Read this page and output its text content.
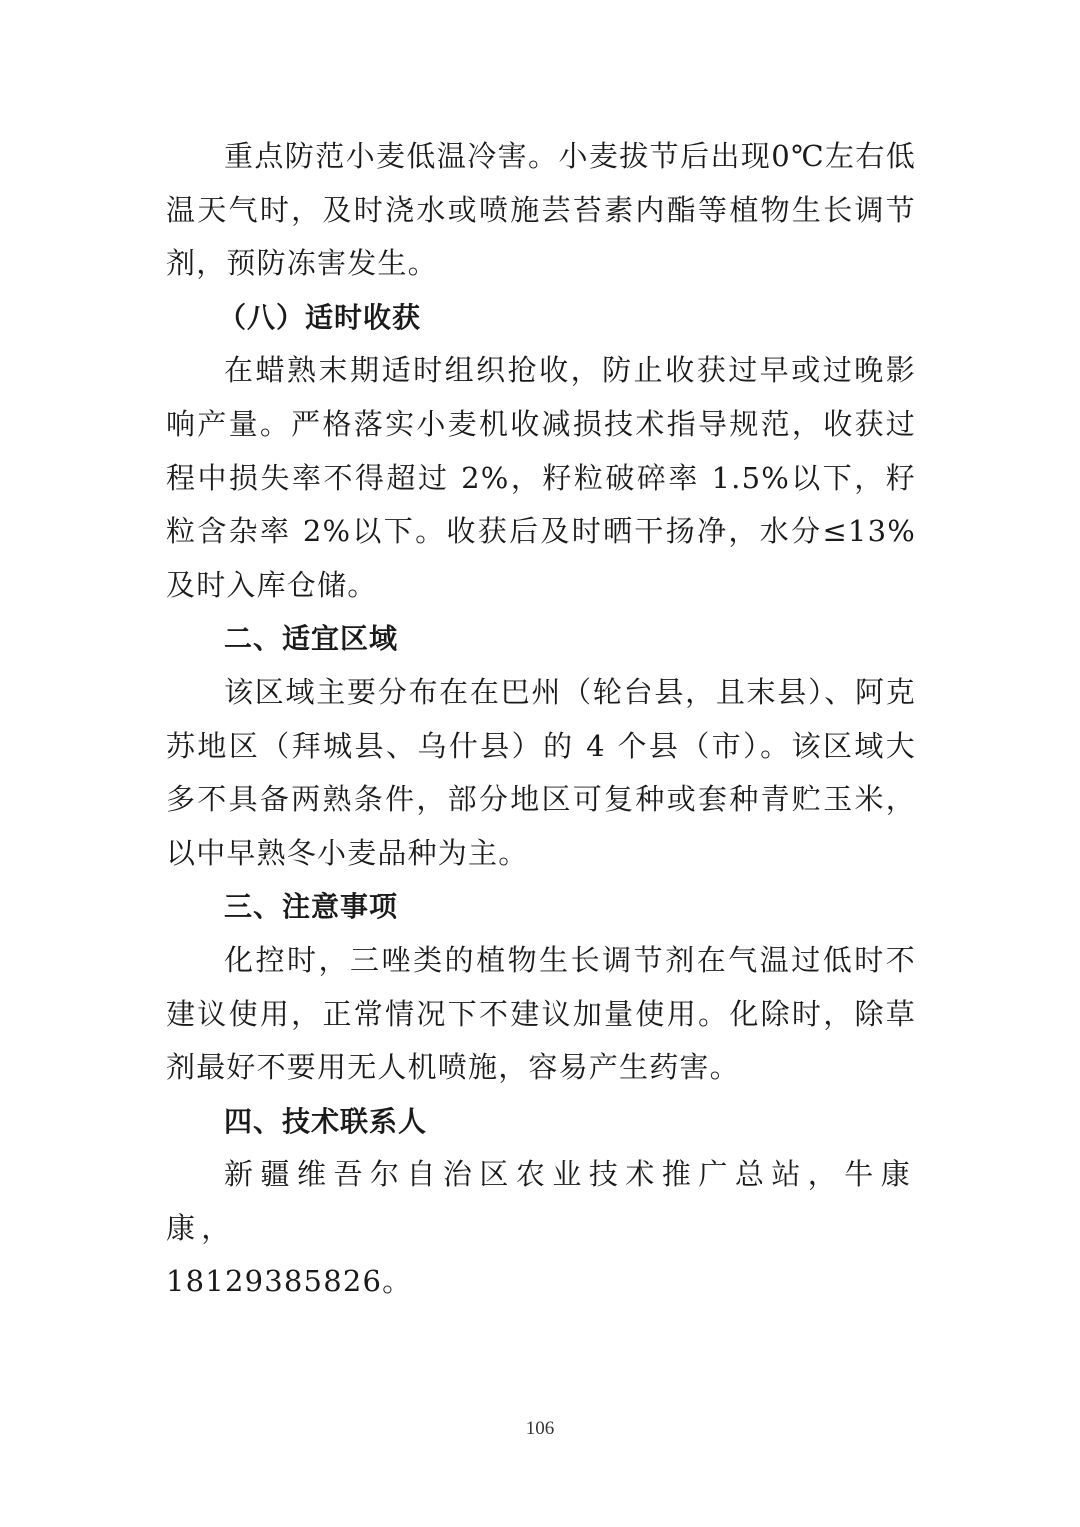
重点防范小麦低温冷害。小麦拔节后出现0℃左右低温天气时，及时浇水或喷施芸苔素内酯等植物生长调节剂，预防冻害发生。

（八）适时收获

在蜡熟末期适时组织抢收，防止收获过早或过晚影响产量。严格落实小麦机收减损技术指导规范，收获过程中损失率不得超过 2%，籽粒破碎率 1.5%以下，籽粒含杂率 2%以下。收获后及时晒干扬净，水分≤13%及时入库仓储。

二、适宜区域

该区域主要分布在在巴州（轮台县，且末县）、阿克苏地区（拜城县、乌什县）的 4 个县（市）。该区域大多不具备两熟条件，部分地区可复种或套种青贮玉米，以中早熟冬小麦品种为主。

三、注意事项

化控时，三唑类的植物生长调节剂在气温过低时不建议使用，正常情况下不建议加量使用。化除时，除草剂最好不要用无人机喷施，容易产生药害。

四、技术联系人

新疆维吾尔自治区农业技术推广总站，牛康康，

18129385826。

106
